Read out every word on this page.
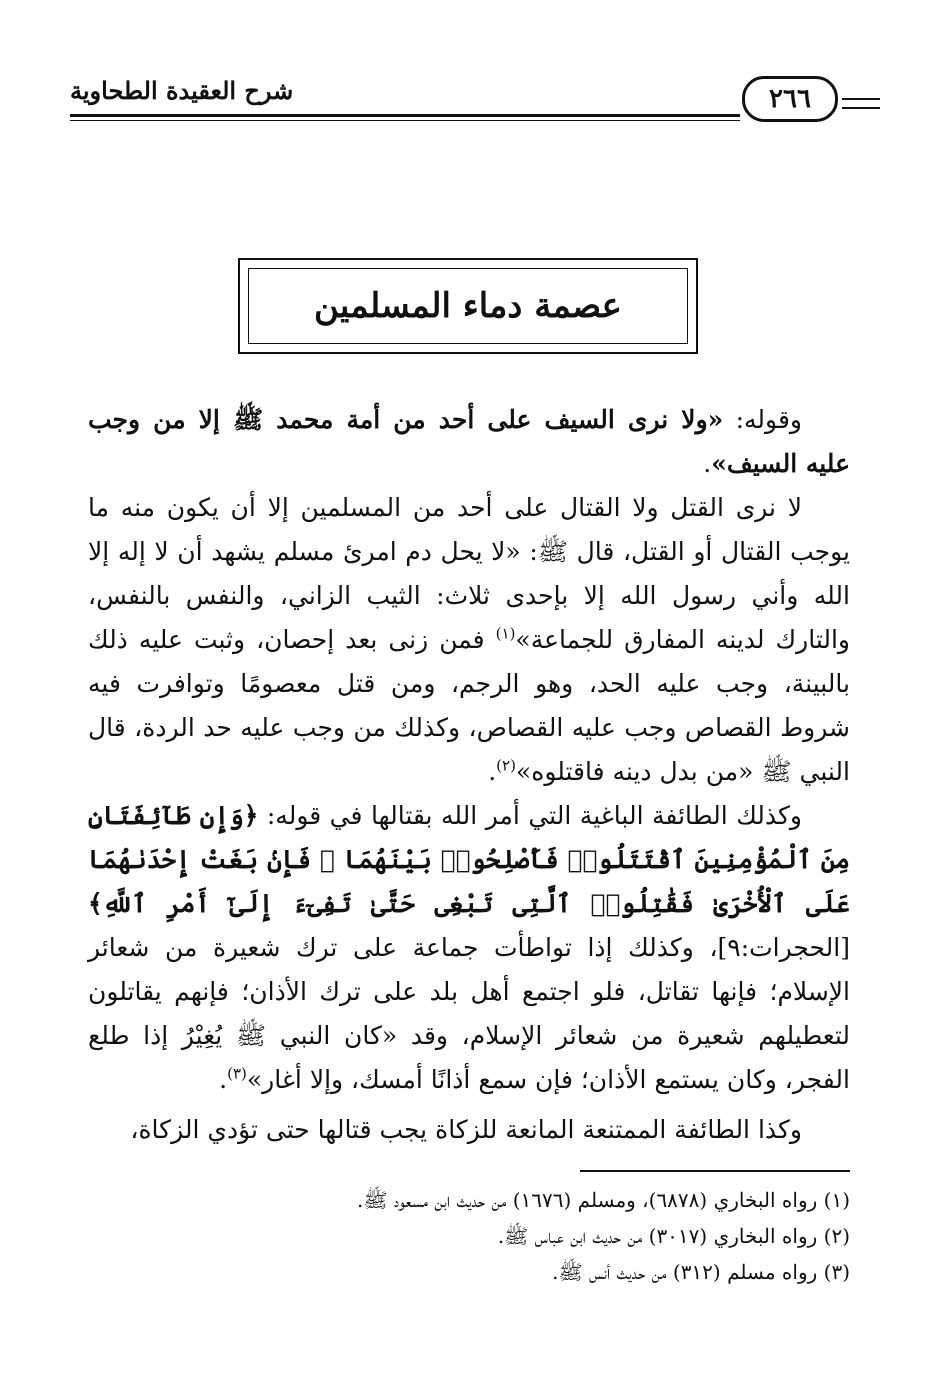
شرح العقيدة الطحاوية	٢٦٦
عصمة دماء المسلمين

وقوله: «ولا نرى السيف على أحد من أمة محمد ﷺ إلا من وجب عليه السيف».

لا نرى القتل ولا القتال على أحد من المسلمين إلا أن يكون منه ما يوجب القتال أو القتل، قال ﷺ: «لا يحل دم امرئ مسلم يشهد أن لا إله إلا الله وأني رسول الله إلا بإحدى ثلاث: الثيب الزاني، والنفس بالنفس، والتارك لدينه المفارق للجماعة»$^{(١)}$ فمن زنى بعد إحصان، وثبت عليه ذلك بالبينة، وجب عليه الحد، وهو الرجم، ومن قتل معصومًا وتوافرت فيه شروط القصاص وجب عليه القصاص، وكذلك من وجب عليه حد الردة، قال النبي ﷺ «من بدل دينه فاقتلوه»$^{(٢)}$.

وكذلك الطائفة الباغية التي أمر الله بقتالها في قوله: ﴿وَإِن طَآئِفَتَانِ مِنَ ٱلْمُؤْمِنِينَ ٱقْتَتَلُوا۟ فَأَصْلِحُوا۟ بَيْنَهُمَا ۖ فَإِنۢ بَغَتْ إِحْدَىٰهُمَا عَلَى ٱلْأُخْرَىٰ فَقَٰتِلُوا۟ ٱلَّتِى تَبْغِى حَتَّىٰ تَفِىٓءَ إِلَىٰٓ أَمْرِ ٱللَّهِ﴾ [الحجرات:٩]، وكذلك إذا تواطأت جماعة على ترك شعيرة من شعائر الإسلام؛ فإنها تقاتل، فلو اجتمع أهل بلد على ترك الأذان؛ فإنهم يقاتلون لتعطيلهم شعيرة من شعائر الإسلام، وقد «كان النبي ﷺ يُغِيْرُ إذا طلع الفجر، وكان يستمع الأذان؛ فإن سمع أذانًا أمسك، وإلا أغار»$^{(٣)}$.

وكذا الطائفة الممتنعة المانعة للزكاة يجب قتالها حتى تؤدي الزكاة،

(١) رواه البخاري (٦٨٧٨)، ومسلم (١٦٧٦) من حديث ابن مسعود ﷺ.

(٢) رواه البخاري (٣٠١٧) من حديث ابن عباس ﷺ.

(٣) رواه مسلم (٣١٢) من حديث أنس ﷺ.
